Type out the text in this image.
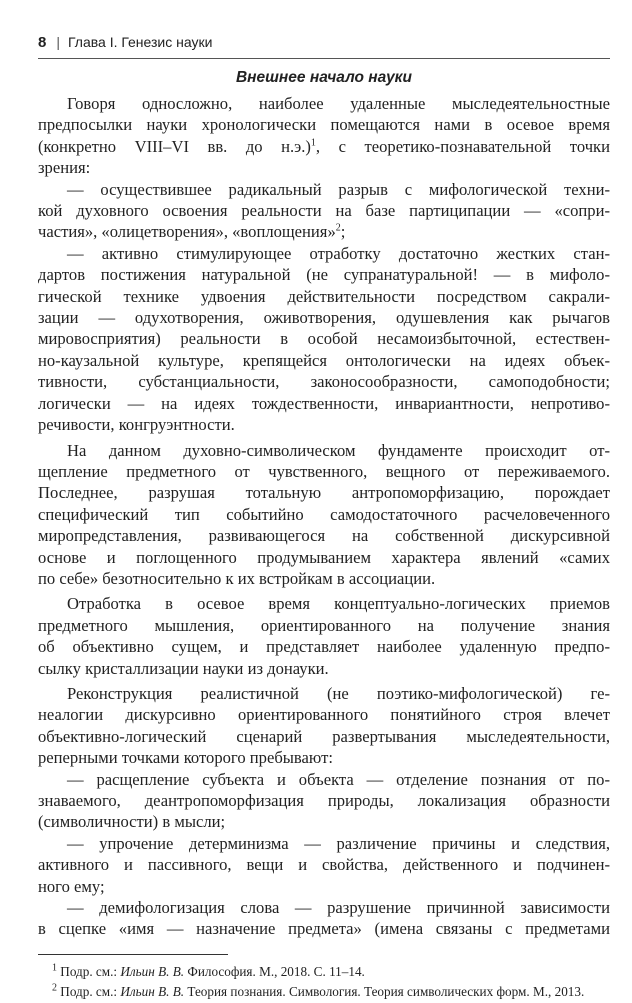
8 | Глава I. Генезис науки
Внешнее начало науки

Говоря односложно, наиболее удаленные мыследеятельностные
предпосылки науки хронологически помещаются нами в осевое время
(конкретно VIII–VI вв. до н.э.)$^1$, с теоретико-познавательной точки
зрения:

— осуществившее радикальный разрыв с мифологической техни-
кой духовного освоения реальности на базе партиципации — «сопри-
частия», «олицетворения», «воплощения»$^2$;

— активно стимулирующее отработку достаточно жестких стан-
дартов постижения натуральной (не супранатуральной! — в мифоло-
гической технике удвоения действительности посредством сакрали-
зации — одухотворения, оживотворения, одушевления как рычагов
мировосприятия) реальности в особой несамоизбыточной, естествен-
но-каузальной культуре, крепящейся онтологически на идеях объек-
тивности, субстанциальности, законосообразности, самоподобности;
логически — на идеях тождественности, инвариантности, непротиво-
речивости, конгруэнтности.

На данном духовно-символическом фундаменте происходит от-
щепление предметного от чувственного, вещного от переживаемого.
Последнее, разрушая тотальную антропоморфизацию, порождает
специфический тип событийно самодостаточного расчеловеченного
миропредставления, развивающегося на собственной дискурсивной
основе и поглощенного продумыванием характера явлений «самих
по себе» безотносительно к их встройкам в ассоциации.

Отработка в осевое время концептуально-логических приемов
предметного мышления, ориентированного на получение знания
об объективно сущем, и представляет наиболее удаленную предпо-
сылку кристаллизации науки из донауки.

Реконструкция реалистичной (не поэтико-мифологической) ге-
неалогии дискурсивно ориентированного понятийного строя влечет
объективно-логический сценарий развертывания мыследеятельности,
реперными точками которого пребывают:

— расщепление субъекта и объекта — отделение познания от по-
знаваемого, деантропоморфизация природы, локализация образности
(символичности) в мысли;

— упрочение детерминизма — различение причины и следствия,
активного и пассивного, вещи и свойства, действенного и подчинен-
ного ему;

— демифологизация слова — разрушение причинной зависимости
в сцепке «имя — назначение предмета» (имена связаны с предметами

$^1$ Подр. см.: Ильин В. В. Философия. М., 2018. С. 11–14.

$^2$ Подр. см.: Ильин В. В. Теория познания. Симвология. Теория символических форм. М., 2013.
